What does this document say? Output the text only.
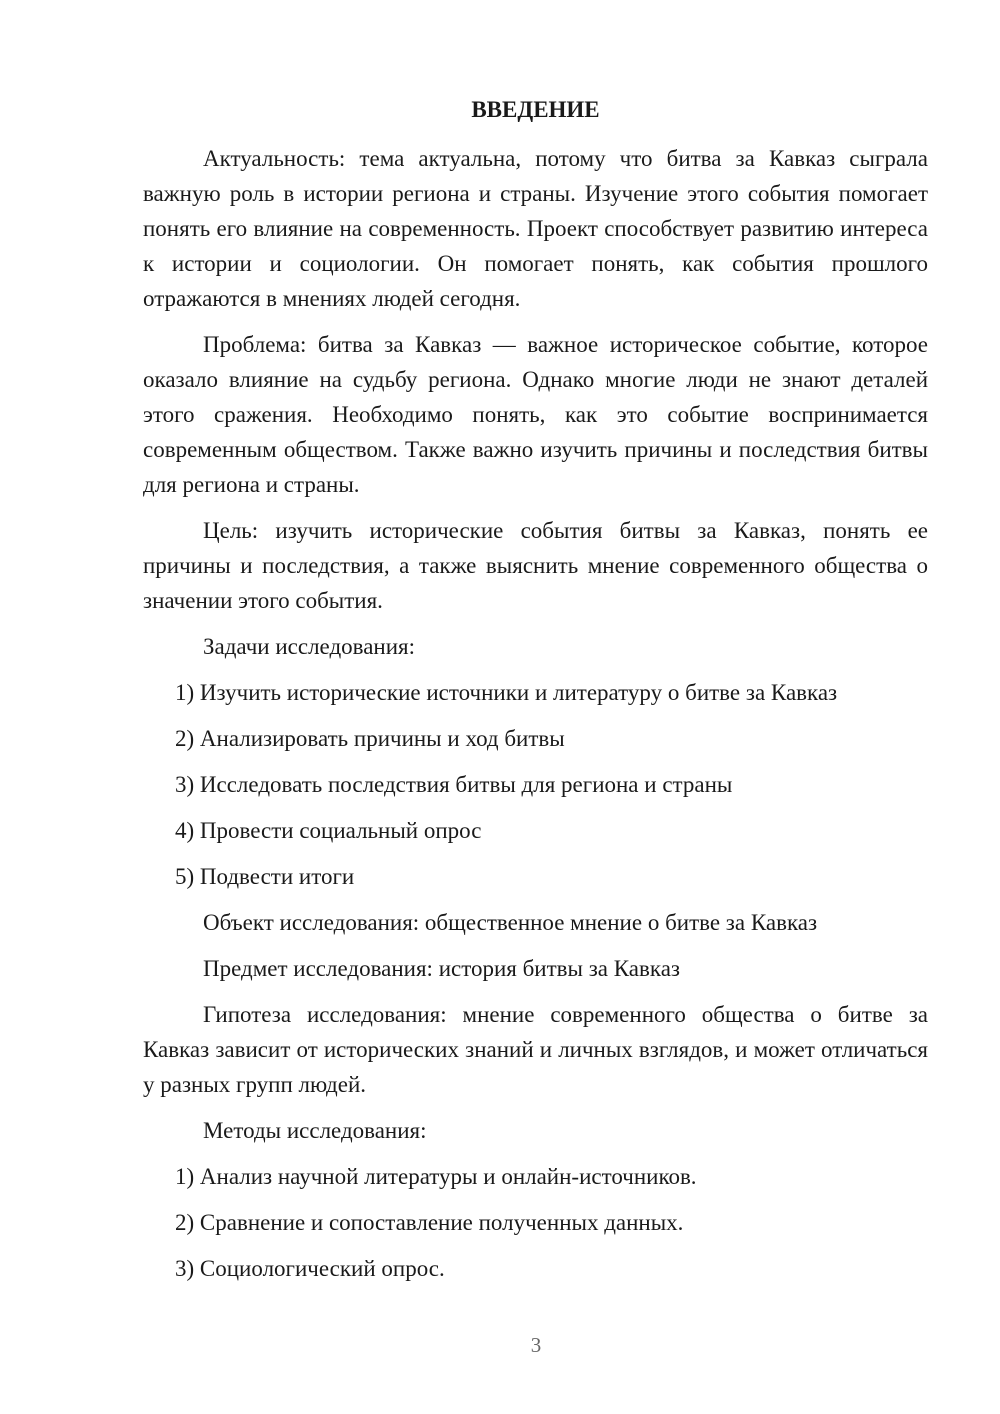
ВВЕДЕНИЕ

Актуальность: тема актуальна, потому что битва за Кавказ сыграла важную роль в истории региона и страны. Изучение этого события помогает понять его влияние на современность. Проект способствует развитию интереса к истории и социологии. Он помогает понять, как события прошлого отражаются в мнениях людей сегодня.

Проблема: битва за Кавказ — важное историческое событие, которое оказало влияние на судьбу региона. Однако многие люди не знают деталей этого сражения. Необходимо понять, как это событие воспринимается современным обществом. Также важно изучить причины и последствия битвы для региона и страны.

Цель: изучить исторические события битвы за Кавказ, понять ее причины и последствия, а также выяснить мнение современного общества о значении этого события.

Задачи исследования:

1) Изучить исторические источники и литературу о битве за Кавказ

2) Анализировать причины и ход битвы

3) Исследовать последствия битвы для региона и страны

4) Провести социальный опрос

5) Подвести итоги

Объект исследования: общественное мнение о битве за Кавказ

Предмет исследования: история битвы за Кавказ

Гипотеза исследования: мнение современного общества о битве за Кавказ зависит от исторических знаний и личных взглядов, и может отличаться у разных групп людей.

Методы исследования:

1) Анализ научной литературы и онлайн-источников.

2) Сравнение и сопоставление полученных данных.

3) Социологический опрос.

3
